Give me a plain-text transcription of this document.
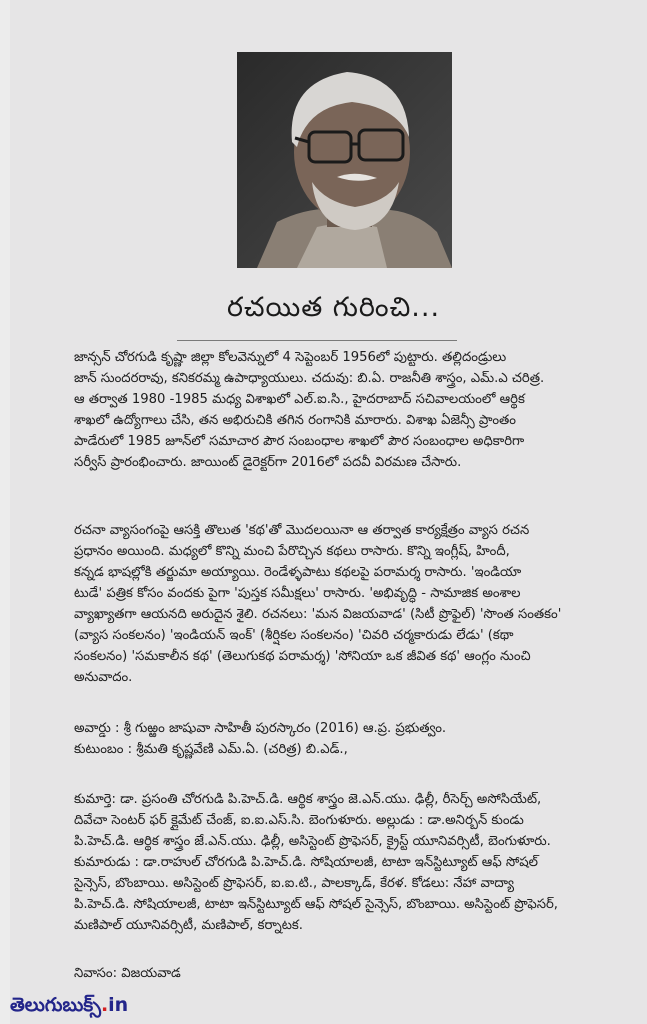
రచయిత గురించి...
జాన్సన్ చోరగుడి కృష్ణా జిల్లా కోలవెన్నులో 4 సెప్టెంబర్ 1956లో పుట్టారు. తల్లిదండ్రులు
జాన్ సుందరరావు, కనికరమ్మ ఉపాధ్యాయులు. చదువు: బి.ఏ. రాజనీతి శాస్త్రం, ఎమ్.ఎ చరిత్ర.
ఆ తర్వాత 1980 -1985 మధ్య విశాఖలో ఎల్.ఐ.సి., హైదరాబాద్ సచివాలయంలో ఆర్థిక
శాఖలో ఉద్యోగాలు చేసి, తన అభిరుచికి తగిన రంగానికి మారారు. విశాఖ ఏజెన్సీ ప్రాంతం
పాడేరులో 1985 జూన్‌లో సమాచార పౌర సంబంధాల శాఖలో పౌర సంబంధాల అధికారిగా
సర్వీస్ ప్రారంభించారు. జాయింట్ డైరెక్టర్‌గా 2016లో పదవీ విరమణ చేసారు.
రచనా వ్యాసంగంపై ఆసక్తి తొలుత 'కథ'తో మొదలయినా ఆ తర్వాత కార్యక్షేత్రం వ్యాస రచన
ప్రధానం అయింది. మధ్యలో కొన్ని మంచి పేరొచ్చిన కథలు రాసారు. కొన్ని ఇంగ్లీష్, హిందీ,
కన్నడ భాషల్లోకి తర్జుమా అయ్యాయి. రెండేళ్ళపాటు కథలపై పరామర్శ రాసారు. 'ఇండియా
టుడే' పత్రిక కోసం వందకు పైగా 'పుస్తక సమీక్షలు' రాసారు. 'అభివృద్ధి - సామాజిక అంశాల
వ్యాఖ్యాతగా ఆయనది అరుదైన శైలి. రచనలు: 'మన విజయవాడ' (సిటీ ప్రొఫైల్) 'సొంత సంతకం'
(వ్యాస సంకలనం) 'ఇండియన్ ఇంక్' (శీర్షికల సంకలనం) 'చివరి చర్మకారుడు లేడు' (కథా
సంకలనం) 'సమకాలీన కథ' (తెలుగుకథ పరామర్శ) 'సోనియా ఒక జీవిత కథ' ఆంగ్లం నుంచి
అనువాదం.
అవార్డు : శ్రీ గుఱ్ఱం జాషువా సాహితీ పురస్కారం (2016) ఆ.ప్ర. ప్రభుత్వం.
కుటుంబం : శ్రీమతి కృష్ణవేణి ఎమ్.ఏ. (చరిత్ర) బి.ఎడ్.,
కుమార్తె: డా. ప్రసంతి చోరగుడి పి.హెచ్.డి. ఆర్థిక శాస్త్రం జె.ఎన్.యు. ఢిల్లీ, రీసెర్చ్ అసోసియేట్,
దివేచా సెంటర్ ఫర్ క్లైమేట్ చేంజ్, ఐ.ఐ.ఎస్.సి. బెంగుళూరు. అల్లుడు : డా.అనిర్బన్ కుండు
పి.హెచ్.డి. ఆర్థిక శాస్త్రం జే.ఎన్.యు. ఢిల్లీ, అసిస్టెంట్ ప్రొఫెసర్, క్రైస్ట్ యూనివర్సిటీ, బెంగుళూరు.
కుమారుడు : డా.రాహుల్ చోరగుడి పి.హెచ్.డి. సోషియాలజీ, టాటా ఇన్‌స్టిట్యూట్ ఆఫ్ సోషల్
సైన్సెస్, బొంబాయి. అసిస్టెంట్ ప్రొఫెసర్, ఐ.ఐ.టి., పాలక్కాడ్, కేరళ. కోడలు: నేహా వాద్యా
పి.హెచ్.డి. సోషియాలజీ, టాటా ఇన్‌స్టిట్యూట్ ఆఫ్ సోషల్ సైన్సెస్, బొంబాయి. అసిస్టెంట్ ప్రొఫెసర్,
మణిపాల్ యూనివర్సిటీ, మణిపాల్, కర్నాటక.
నివాసం: విజయవాడ
తెలుగుబుక్స్.in
